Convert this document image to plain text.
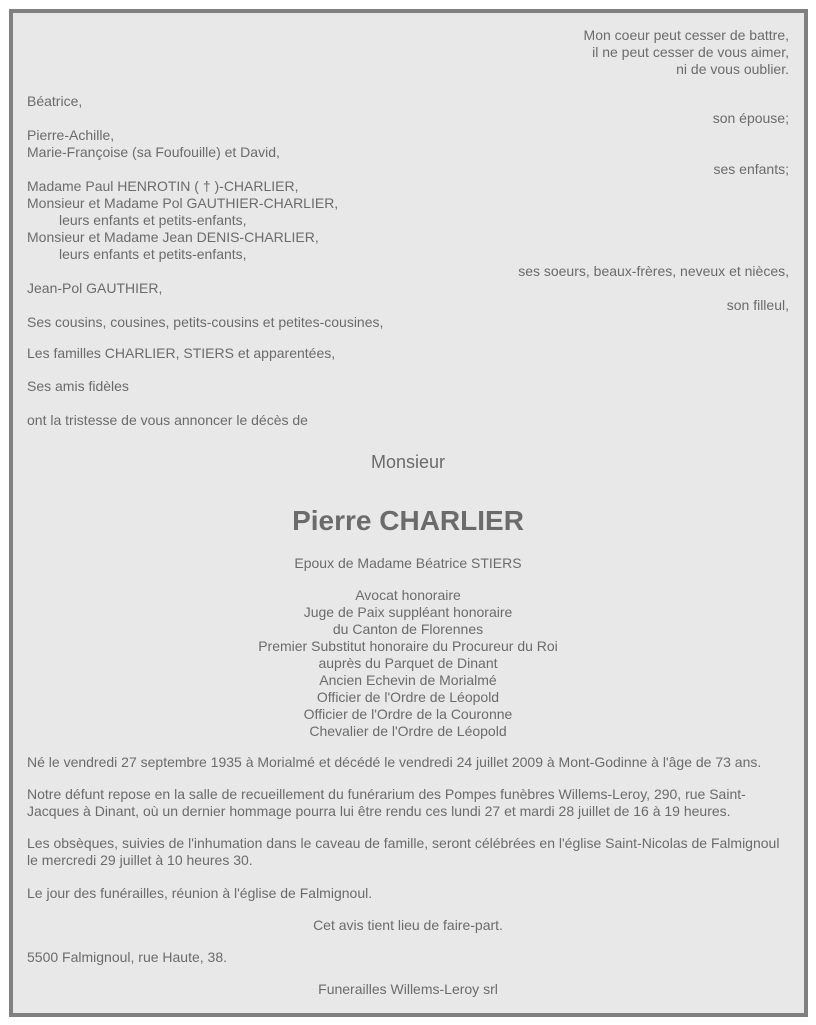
Mon coeur peut cesser de battre,
il ne peut cesser de vous aimer,
ni de vous oublier.
Béatrice,
son épouse;
Pierre-Achille,
Marie-Françoise (sa Foufouille) et David,
ses enfants;
Madame Paul HENROTIN ( † )-CHARLIER,
Monsieur et Madame Pol GAUTHIER-CHARLIER,
leurs enfants et petits-enfants,
Monsieur et Madame Jean DENIS-CHARLIER,
leurs enfants et petits-enfants,
ses soeurs, beaux-frères, neveux et nièces,
Jean-Pol GAUTHIER,
son filleul,
Ses cousins, cousines, petits-cousins et petites-cousines,
Les familles CHARLIER, STIERS et apparentées,
Ses amis fidèles
ont la tristesse de vous annoncer le décès de
Monsieur
Pierre CHARLIER
Epoux de Madame Béatrice STIERS
Avocat honoraire
Juge de Paix suppléant honoraire
du Canton de Florennes
Premier Substitut honoraire du Procureur du Roi
auprès du Parquet de Dinant
Ancien Echevin de Morialmé
Officier de l'Ordre de Léopold
Officier de l'Ordre de la Couronne
Chevalier de l'Ordre de Léopold
Né le vendredi 27 septembre 1935 à Morialmé et décédé le vendredi 24 juillet 2009 à Mont-Godinne à l'âge de 73 ans.
Notre défunt repose en la salle de recueillement du funérarium des Pompes funèbres Willems-Leroy, 290, rue Saint-Jacques à Dinant, où un dernier hommage pourra lui être rendu ces lundi 27 et mardi 28 juillet de 16 à 19 heures.
Les obsèques, suivies de l'inhumation dans le caveau de famille, seront célébrées en l'église Saint-Nicolas de Falmignoul le mercredi 29 juillet à 10 heures 30.
Le jour des funérailles, réunion à l'église de Falmignoul.
Cet avis tient lieu de faire-part.
5500 Falmignoul, rue Haute, 38.
Funerailles Willems-Leroy srl
